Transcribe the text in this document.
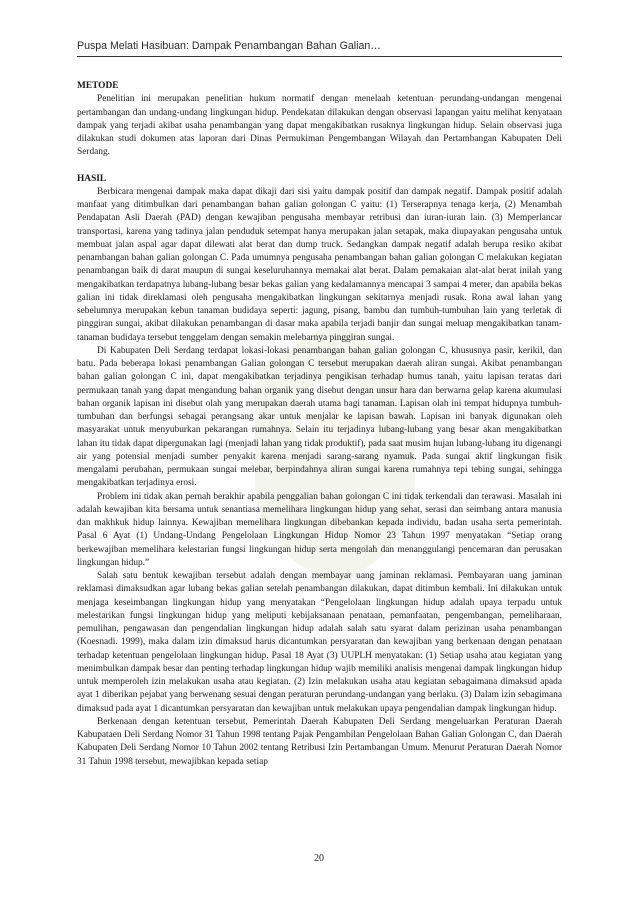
Puspa Melati Hasibuan: Dampak Penambangan Bahan Galian…
METODE

Penelitian ini merupakan penelitian hukum normatif dengan menelaah ketentuan perundang-undangan mengenai pertambangan dan undang-undang lingkungan hidup. Pendekatan dilakukan dengan observasi lapangan yaitu melihat kenyataan dampak yang terjadi akibat usaha penambangan yang dapat mengakibatkan rusaknya lingkungan hidup. Selain observasi juga dilakukan studi dokumen atas laporan dari Dinas Permukiman Pengembangan Wilayah dan Pertambangan Kabupaten Deli Serdang.

HASIL

Berbicara mengenai dampak maka dapat dikaji dari sisi yaitu dampak positif dan dampak negatif. Dampak positif adalah manfaat yang ditimbulkan dari penambangan bahan galian golongan C yaitu: (1) Terserapnya tenaga kerja, (2) Menambah Pendapatan Asli Daerah (PAD) dengan kewajiban pengusaha membayar retribusi dan iuran-iuran lain. (3) Memperlancar transportasi, karena yang tadinya jalan penduduk setempat hanya merupakan jalan setapak, maka diupayakan pengusaha untuk membuat jalan aspal agar dapat dilewati alat berat dan dump truck. Sedangkan dampak negatif adalah berupa resiko akibat penambangan bahan galian golongan C. Pada umumnya pengusaha penambangan bahan galian golongan C melakukan kegiatan penambangan baik di darat maupun di sungai keseluruhannya memakai alat berat. Dalam pemakaian alat-alat berat inilah yang mengakibatkan terdapatnya lubang-lubang besar bekas galian yang kedalamannya mencapai 3 sampai 4 meter, dan apabila bekas galian ini tidak direklamasi oleh pengusaha mengakibatkan lingkungan sekitarnya menjadi rusak. Rona awal lahan yang sebelumnya merupakan kebun tanaman budidaya seperti: jagung, pisang, bambu dan tumbuh-tumbuhan lain yang terletak di pinggiran sungai, akibat dilakukan penambangan di dasar maka apabila terjadi banjir dan sungai meluap mengakibatkan tanam-tanaman budidaya tersebut tenggelam dengan semakin melebarnya pinggiran sungai.

Di Kabupaten Deli Serdang terdapat lokasi-lokasi penambangan bahan galian golongan C, khususnya pasir, kerikil, dan batu. Pada beberapa lokasi penambangan Galian golongan C tersebut merupakan daerah aliran sungai. Akibat penambangan bahan galian golongan C ini, dapat mengakibatkan terjadinya pengikisan terhadap humus tanah, yaitu lapisan teratas dari permukaan tanah yang dapat mengandung bahan organik yang disebut dengan unsur hara dan berwarna gelap karena akumulasi bahan organik lapisan ini disebut olah yang merupakan daerah utama bagi tanaman. Lapisan olah ini tempat hidupnya tumbuh-tumbuhan dan berfungsi sebagai perangsang akar untuk menjalar ke lapisan bawah. Lapisan ini banyak digunakan oleh masyarakat untuk menyuburkan pekarangan rumahnya. Selain itu terjadinya lubang-lubang yang besar akan mengakibatkan lahan itu tidak dapat dipergunakan lagi (menjadi lahan yang tidak produktif), pada saat musim hujan lubang-lubang itu digenangi air yang potensial menjadi sumber penyakit karena menjadi sarang-sarang nyamuk. Pada sungai aktif lingkungan fisik mengalami perubahan, permukaan sungai melebar, berpindahnya aliran sungai karena rumahnya tepi tebing sungai, sehingga mengakibatkan terjadinya erosi.

Problem ini tidak akan pernah berakhir apabila penggalian bahan golongan C ini tidak terkendali dan terawasi. Masalah ini adalah kewajiban kita bersama untuk senantiasa memelihara lingkungan hidup yang sehat, serasi dan seimbang antara manusia dan makhkuk hidup lainnya. Kewajiban memelihara lingkungan dibebankan kepada individu, badan usaha serta pemerintah. Pasal 6 Ayat (1) Undang-Undang Pengelolaan Lingkungan Hidup Nomor 23 Tahun 1997 menyatakan “Setiap orang berkewajiban memelihara kelestarian fungsi lingkungan hidup serta mengolah dan menanggulangi pencemaran dan perusakan lingkungan hidup.”

Salah satu bentuk kewajiban tersebut adalah dengan membayar uang jaminan reklamasi. Pembayaran uang jaminan reklamasi dimaksudkan agar lubang bekas galian setelah penambangan dilakukan, dapat ditimbun kembali. Ini dilakukan untuk menjaga keseimbangan lingkungan hidup yang menyatakan “Pengelolaan lingkungan hidup adalah upaya terpadu untuk melestarikan fungsi lingkungan hidup yang meliputi kebijaksanaan penataan, pemanfaatan, pengembangan, pemeliharaan, pemulihan, pengawasan dan pengendalian lingkungan hidup adalah salah satu syarat dalam perizinan usaha penambangan (Koesnadi. 1999), maka dalam izin dimaksud harus dicantumkan persyaratan dan kewajiban yang berkenaan dengan penataan terhadap ketentuan pengelolaan lingkungan hidup. Pasal 18 Ayat (3) UUPLH menyatakan: (1) Setiap usaha atau kegiatan yang menimbulkan dampak besar dan penting terhadap lingkungan hidup wajib memiliki analisis mengenai dampak lingkungan hidup untuk memperoleh izin melakukan usaha atau kegiatan. (2) Izin melakukan usaha atau kegiatan sebagaimana dimaksud apada ayat 1 diberikan pejabat yang berwenang sesuai dengan peraturan perundang-undangan yang berlaku. (3) Dalam izin sebagimana dimaksud pada ayat 1 dicantumkan persyaratan dan kewajiban untuk melakukan upaya pengendalian dampak lingkungan hidup.

Berkenaan dengan ketentuan tersebut, Pemerintah Daerah Kabupaten Deli Serdang mengeluarkan Peraturan Daerah Kabupataen Deli Serdang Nomor 31 Tahun 1998 tentang Pajak Pengambilan Pengelolaan Bahan Galian Golongan C, dan Daerah Kabupaten Deli Serdang Nomor 10 Tahun 2002 tentang Retribusi Izin Pertambangan Umum. Menurut Peraturan Daerah Nomor 31 Tahun 1998 tersebut, mewajibkan kepada setiap

20
